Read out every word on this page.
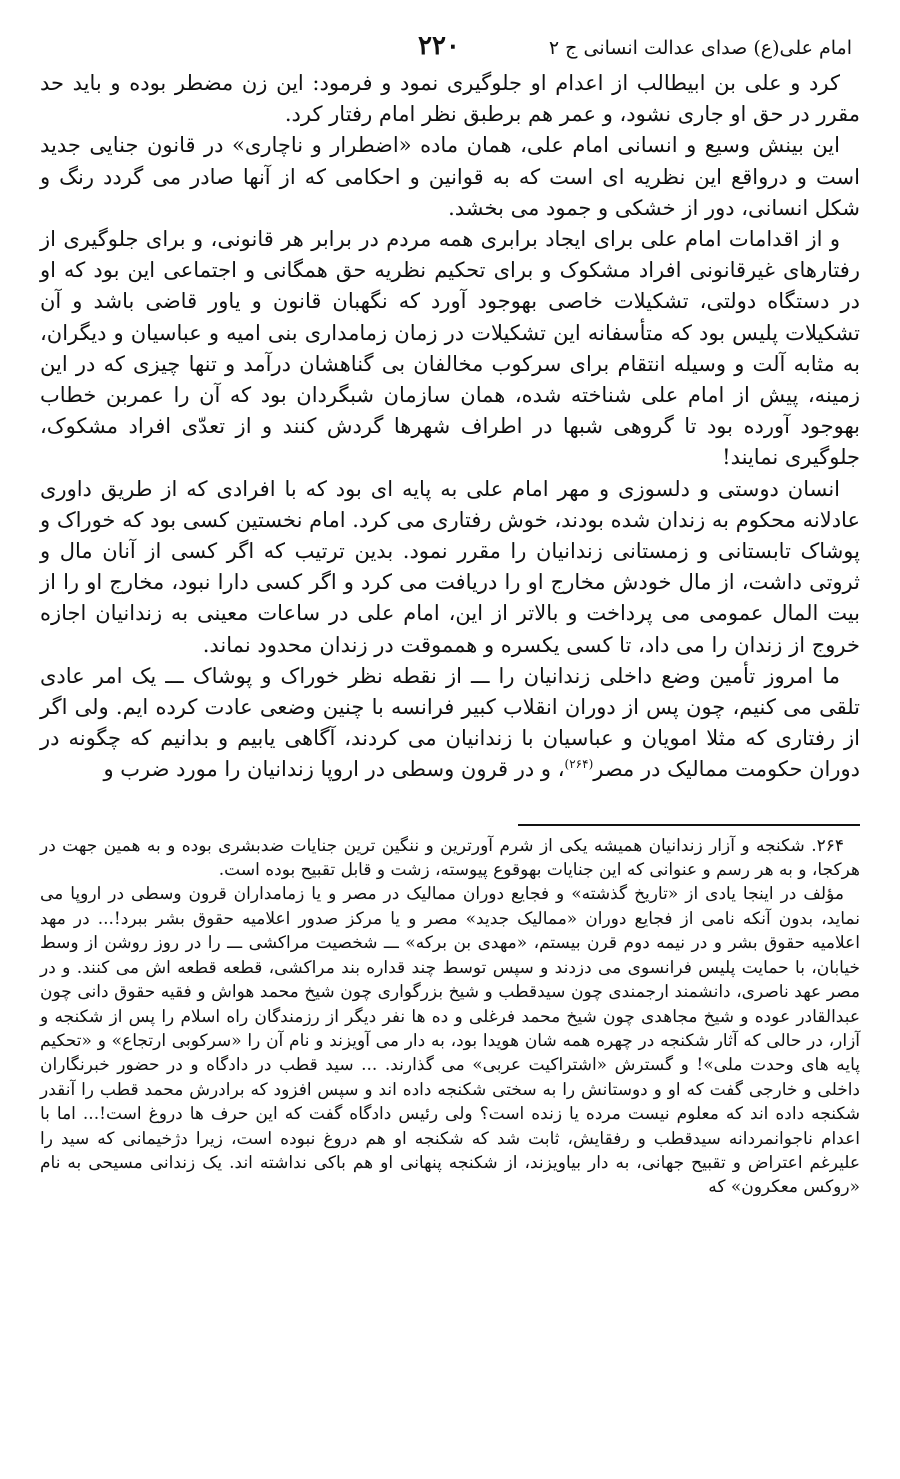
امام علی(ع) صدای عدالت انسانی ج ۲
۲۲۰

کرد و علی بن ابیطالب از اعدام او جلوگیری نمود و فرمود: این زن مضطر بوده و باید حد مقرر در حق او جاری نشود، و عمر هم برطبق نظر امام رفتار کرد.

این بینش وسیع و انسانی امام علی، همان ماده «اضطرار و ناچاری» در قانون جنایی جدید است و درواقع این نظریه ای است که به قوانین و احکامی که از آنها صادر می گردد رنگ و شکل انسانی، دور از خشکی و جمود می بخشد.

و از اقدامات امام علی برای ایجاد برابری همه مردم در برابر هر قانونی، و برای جلوگیری از رفتارهای غیرقانونی افراد مشکوک و برای تحکیم نظریه حق همگانی و اجتماعی این بود که او در دستگاه دولتی، تشکیلات خاصی بهوجود آورد که نگهبان قانون و یاور قاضی باشد و آن تشکیلات پلیس بود که متأسفانه این تشکیلات در زمان زمامداری بنی امیه و عباسیان و دیگران، به مثابه آلت و وسیله انتقام برای سرکوب مخالفان بی گناهشان درآمد و تنها چیزی که در این زمینه، پیش از امام علی شناخته شده، همان سازمان شبگردان بود که آن را عمربن خطاب بهوجود آورده بود تا گروهی شبها در اطراف شهرها گردش کنند و از تعدّی افراد مشکوک، جلوگیری نمایند!

انسان دوستی و دلسوزی و مهر امام علی به پایه ای بود که با افرادی که از طریق داوری عادلانه محکوم به زندان شده بودند، خوش رفتاری می کرد. امام نخستین کسی بود که خوراک و پوشاک تابستانی و زمستانی زندانیان را مقرر نمود. بدین ترتیب که اگر کسی از آنان مال و ثروتی داشت، از مال خودش مخارج او را دریافت می کرد و اگر کسی دارا نبود، مخارج او را از بیت المال عمومی می پرداخت و بالاتر از این، امام علی در ساعات معینی به زندانیان اجازه خروج از زندان را می داد، تا کسی یکسره و همموقت در زندان محدود نماند.

ما امروز تأمین وضع داخلی زندانیان را ـــ از نقطه نظر خوراک و پوشاک ـــ یک امر عادی تلقی می کنیم، چون پس از دوران انقلاب کبیر فرانسه با چنین وضعی عادت کرده ایم. ولی اگر از رفتاری که مثلا امویان و عباسیان با زندانیان می کردند، آگاهی یابیم و بدانیم که چگونه در دوران حکومت ممالیک در مصر$^{(۲۶۴)}$، و در قرون وسطی در اروپا زندانیان را مورد ضرب و

۲۶۴. شکنجه و آزار زندانیان همیشه یکی از شرم آورترین و ننگین ترین جنایات ضدبشری بوده و به همین جهت در هرکجا، و به هر رسم و عنوانی که این جنایات بهوقوع پیوسته، زشت و قابل تقبیح بوده است.

مؤلف در اینجا یادی از «تاریخ گذشته» و فجایع دوران ممالیک در مصر و یا زمامداران قرون وسطی در اروپا می نماید، بدون آنکه نامی از فجایع دوران «ممالیک جدید» مصر و یا مرکز صدور اعلامیه حقوق بشر ببرد!... در مهد اعلامیه حقوق بشر و در نیمه دوم قرن بیستم، «مهدی بن برکه» ـــ شخصیت مراکشی ـــ را در روز روشن از وسط خیابان، با حمایت پلیس فرانسوی می دزدند و سپس توسط چند قداره بند مراکشی، قطعه قطعه اش می کنند. و در مصر عهد ناصری، دانشمند ارجمندی چون سیدقطب و شیخ بزرگواری چون شیخ محمد هواش و فقیه حقوق دانی چون عبدالقادر عوده و شیخ مجاهدی چون شیخ محمد فرغلی و ده ها نفر دیگر از رزمندگان راه اسلام را پس از شکنجه و آزار، در حالی که آثار شکنجه در چهره همه شان هویدا بود، به دار می آویزند و نام آن را «سرکوبی ارتجاع» و «تحکیم پایه های وحدت ملی»! و گسترش «اشتراکیت عربی» می گذارند. ... سید قطب در دادگاه و در حضور خبرنگاران داخلی و خارجی گفت که او و دوستانش را به سختی شکنجه داده اند و سپس افزود که برادرش محمد قطب را آنقدر شکنجه داده اند که معلوم نیست مرده یا زنده است؟ ولی رئیس دادگاه گفت که این حرف ها دروغ است!... اما با اعدام ناجوانمردانه سیدقطب و رفقایش، ثابت شد که شکنجه او هم دروغ نبوده است، زیرا دژخیمانی که سید را علیرغم اعتراض و تقبیح جهانی، به دار بیاویزند، از شکنجه پنهانی او هم باکی نداشته اند. یک زندانی مسیحی به نام «روکس معکرون» که
